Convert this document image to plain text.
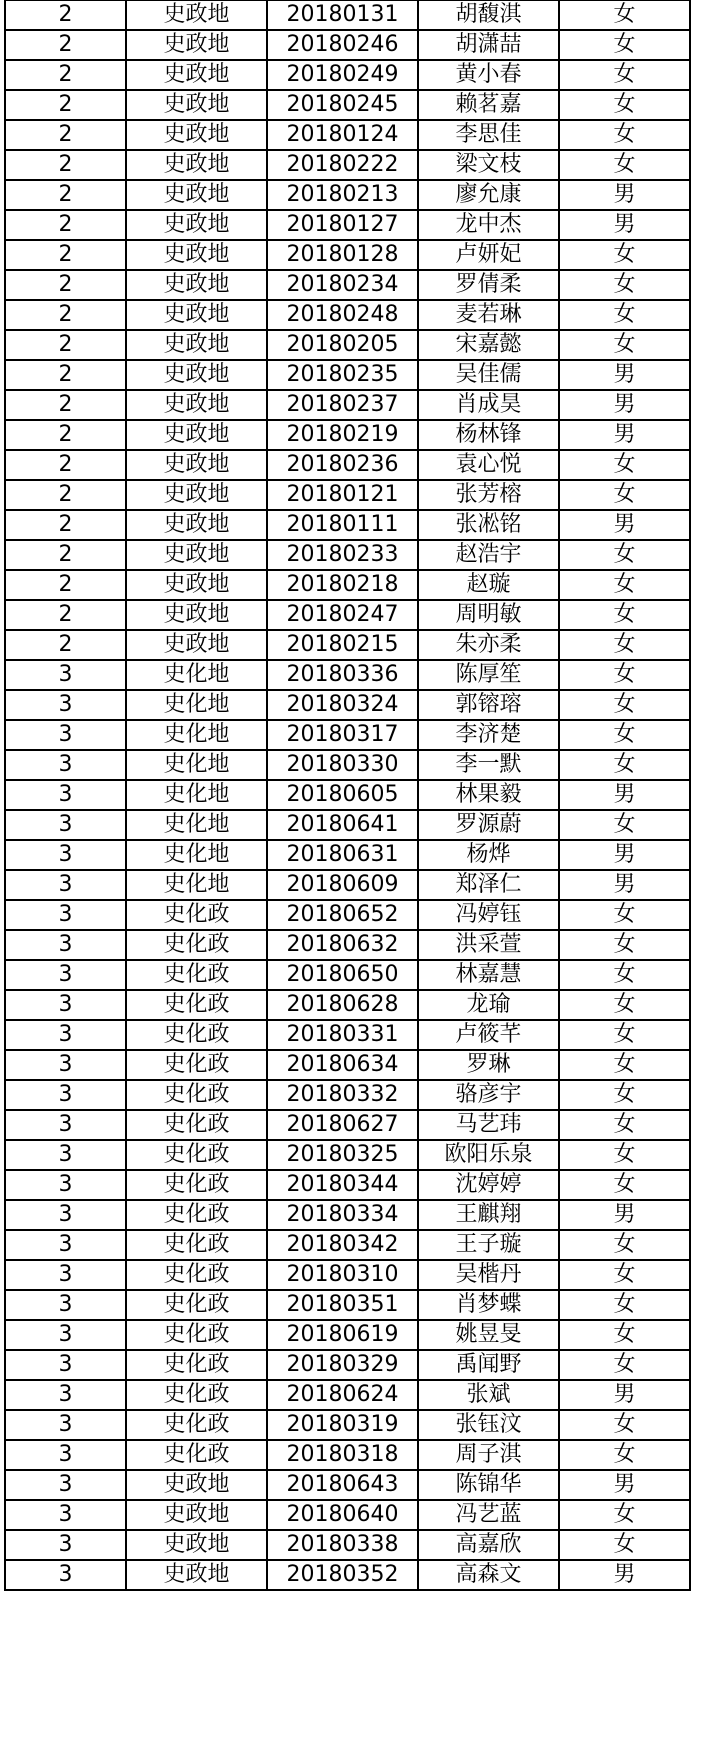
2	史政地	20180131	胡馥淇	女
2	史政地	20180246	胡潇喆	女
2	史政地	20180249	黄小春	女
2	史政地	20180245	赖茗嘉	女
2	史政地	20180124	李思佳	女
2	史政地	20180222	梁文枝	女
2	史政地	20180213	廖允康	男
2	史政地	20180127	龙中杰	男
2	史政地	20180128	卢妍妃	女
2	史政地	20180234	罗倩柔	女
2	史政地	20180248	麦若琳	女
2	史政地	20180205	宋嘉懿	女
2	史政地	20180235	吴佳儒	男
2	史政地	20180237	肖成昊	男
2	史政地	20180219	杨林锋	男
2	史政地	20180236	袁心悦	女
2	史政地	20180121	张芳榕	女
2	史政地	20180111	张凇铭	男
2	史政地	20180233	赵浩宇	女
2	史政地	20180218	赵璇	女
2	史政地	20180247	周明敏	女
2	史政地	20180215	朱亦柔	女
3	史化地	20180336	陈厚笙	女
3	史化地	20180324	郭镕瑢	女
3	史化地	20180317	李济楚	女
3	史化地	20180330	李一默	女
3	史化地	20180605	林果毅	男
3	史化地	20180641	罗源蔚	女
3	史化地	20180631	杨烨	男
3	史化地	20180609	郑泽仁	男
3	史化政	20180652	冯婷钰	女
3	史化政	20180632	洪采萱	女
3	史化政	20180650	林嘉慧	女
3	史化政	20180628	龙瑜	女
3	史化政	20180331	卢筱芊	女
3	史化政	20180634	罗琳	女
3	史化政	20180332	骆彦宇	女
3	史化政	20180627	马艺玮	女
3	史化政	20180325	欧阳乐泉	女
3	史化政	20180344	沈婷婷	女
3	史化政	20180334	王麒翔	男
3	史化政	20180342	王子璇	女
3	史化政	20180310	吴楷丹	女
3	史化政	20180351	肖梦蝶	女
3	史化政	20180619	姚昱旻	女
3	史化政	20180329	禹闻野	女
3	史化政	20180624	张斌	男
3	史化政	20180319	张钰汶	女
3	史化政	20180318	周子淇	女
3	史政地	20180643	陈锦华	男
3	史政地	20180640	冯艺蓝	女
3	史政地	20180338	高嘉欣	女
3	史政地	20180352	高森文	男
